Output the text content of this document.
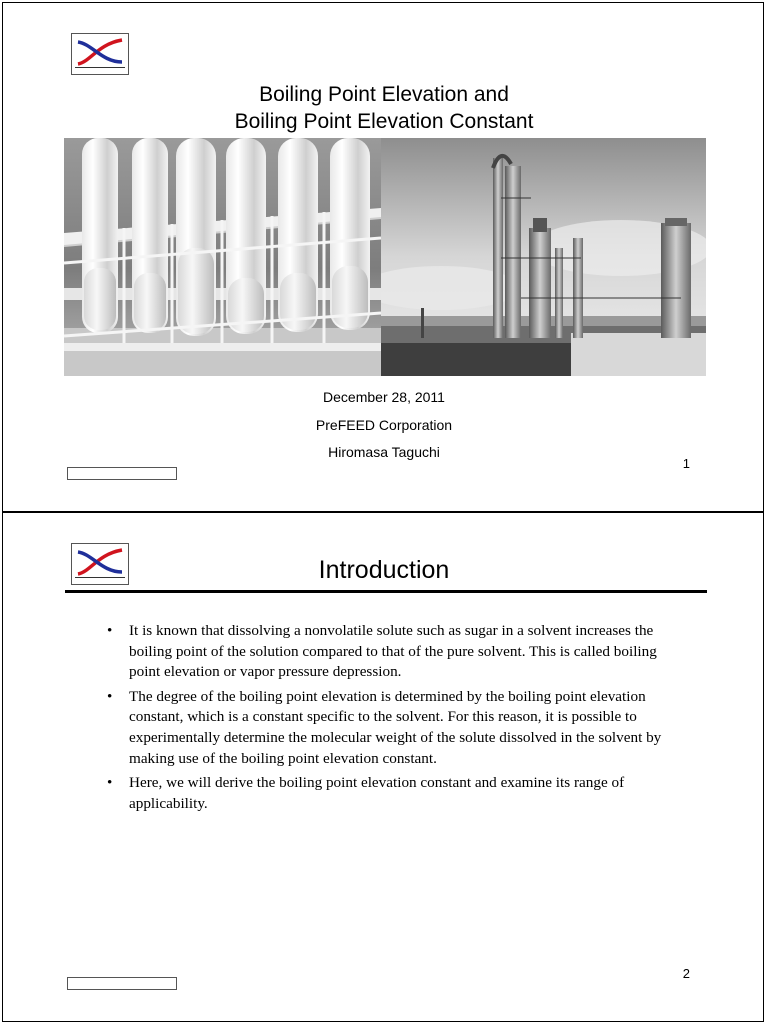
Boiling Point Elevation and
Boiling Point Elevation Constant
December 28, 2011
PreFEED Corporation
Hiromasa Taguchi
1
Introduction
• It is known that dissolving a nonvolatile solute such as sugar in a solvent increases the boiling point of the solution compared to that of the pure solvent. This is called boiling point elevation or vapor pressure depression.
• The degree of the boiling point elevation is determined by the boiling point elevation constant, which is a constant specific to the solvent. For this reason, it is possible to experimentally determine the molecular weight of the solute dissolved in the solvent by making use of the boiling point elevation constant.
• Here, we will derive the boiling point elevation constant and examine its range of applicability.
2
